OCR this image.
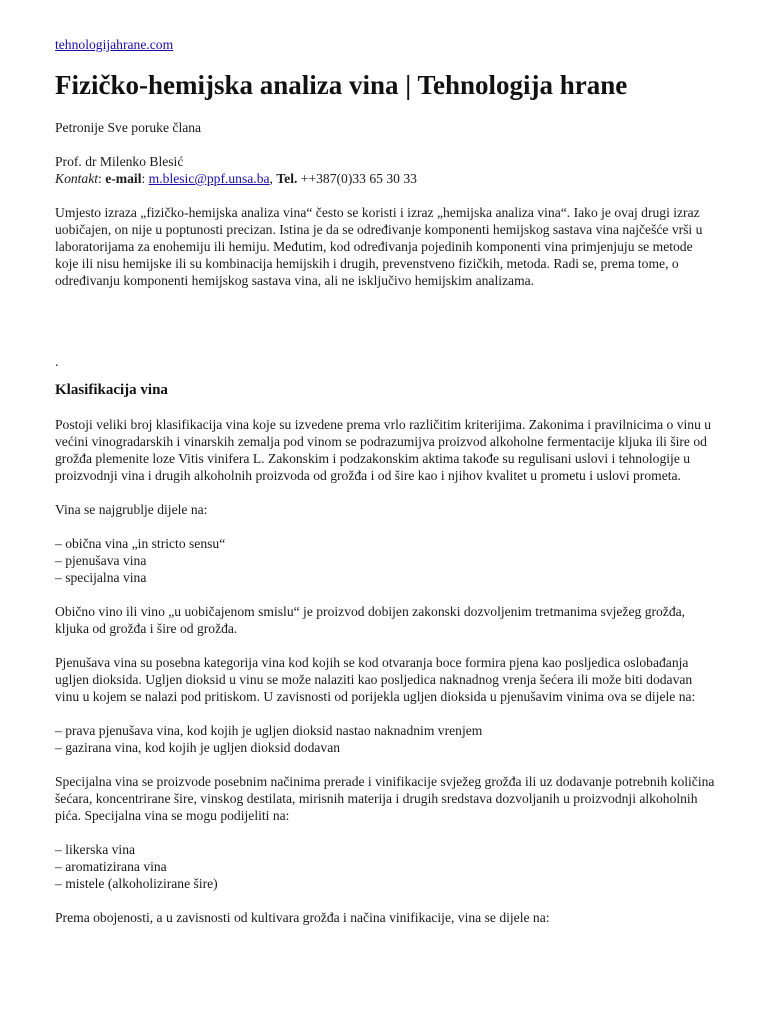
tehnologijahrane.com
Fizičko-hemijska analiza vina | Tehnologija hrane

Petronije Sve poruke člana

Prof. dr Milenko Blesić
Kontakt: e-mail: m.blesic@ppf.unsa.ba, Tel. ++387(0)33 65 30 33

Umjesto izraza „fizičko-hemijska analiza vina“ često se koristi i izraz „hemijska analiza vina“. Iako je ovaj drugi izraz uobičajen, on nije u poptunosti precizan. Istina je da se određivanje komponenti hemijskog sastava vina najčešće vrši u laboratorijama za enohemiju ili hemiju. Međutim, kod određivanja pojedinih komponenti vina primjenjuju se metode koje ili nisu hemijske ili su kombinacija hemijskih i drugih, prevenstveno fizičkih, metoda. Radi se, prema tome, o određivanju komponenti hemijskog sastava vina, ali ne isključivo hemijskim analizama.

.
Klasifikacija vina

Postoji veliki broj klasifikacija vina koje su izvedene prema vrlo različitim kriterijima. Zakonima i pravilnicima o vinu u većini vinogradarskih i vinarskih zemalja pod vinom se podrazumijva proizvod alkoholne fermentacije kljuka ili šire od grožđa plemenite loze Vitis vinifera L. Zakonskim i podzakonskim aktima takođe su regulisani uslovi i tehnologije u proizvodnji vina i drugih alkoholnih proizvoda od grožđa i od šire kao i njihov kvalitet u prometu i uslovi prometa.

Vina se najgrublje dijele na:

– obična vina „in stricto sensu“
– pjenušava vina
– specijalna vina

Obično vino ili vino „u uobičajenom smislu“ je proizvod dobijen zakonski dozvoljenim tretmanima svježeg grožđa, kljuka od grožđa i šire od grožđa.

Pjenušava vina su posebna kategorija vina kod kojih se kod otvaranja boce formira pjena kao posljedica oslobađanja ugljen dioksida. Ugljen dioksid u vinu se može nalaziti kao posljedica naknadnog vrenja šećera ili može biti dodavan vinu u kojem se nalazi pod pritiskom. U zavisnosti od porijekla ugljen dioksida u pjenušavim vinima ova se dijele na:

– prava pjenušava vina, kod kojih je ugljen dioksid nastao naknadnim vrenjem
– gazirana vina, kod kojih je ugljen dioksid dodavan

Specijalna vina se proizvode posebnim načinima prerade i vinifikacije svježeg grožđa ili uz dodavanje potrebnih količina šećara, koncentrirane šire, vinskog destilata, mirisnih materija i drugih sredstava dozvoljanih u proizvodnji alkoholnih pića. Specijalna vina se mogu podijeliti na:

– likerska vina
– aromatizirana vina
– mistele (alkoholizirane šire)

Prema obojenosti, a u zavisnosti od kultivara grožđa i načina vinifikacije, vina se dijele na:
